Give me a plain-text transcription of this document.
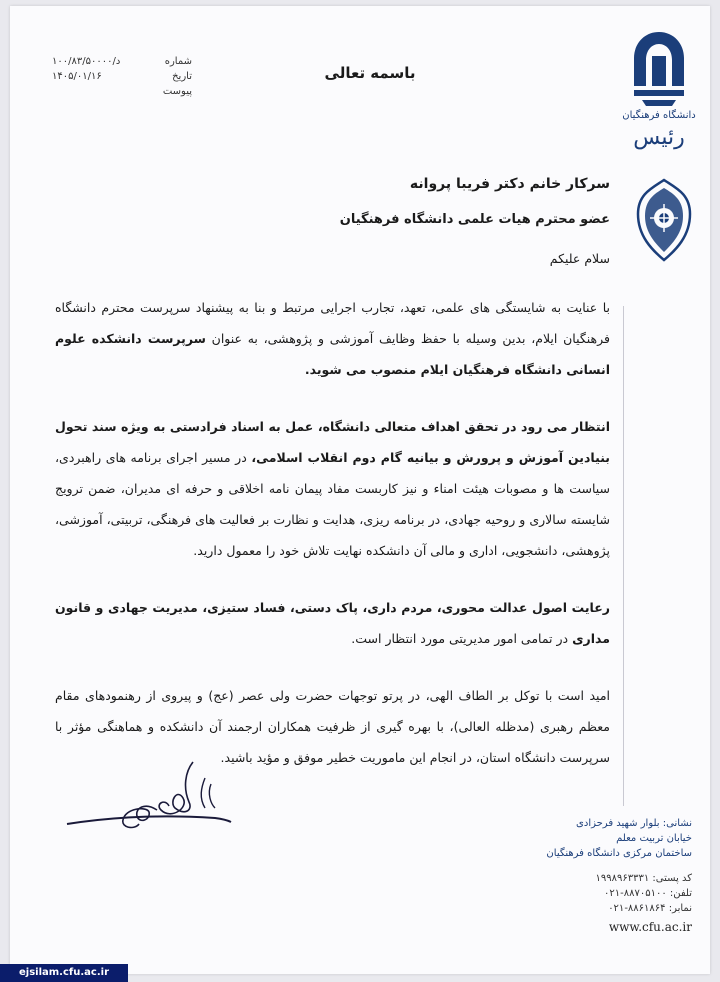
دانشگاه فرهنگیان
رئیس
شماره
۱۰۰/۸۳/۵۰۰۰۰/د
تاریخ
۱۴۰۵/۰۱/۱۶
پیوست
باسمه تعالی

سرکار خانم دکتر فریبا پروانه

عضو محترم هیات علمی دانشگاه فرهنگیان

سلام علیکم

با عنایت به شایستگی های علمی، تعهد، تجارب اجرایی مرتبط و بنا به پیشنهاد سرپرست محترم دانشگاه فرهنگیان ایلام، بدین وسیله با حفظ وظایف آموزشی و پژوهشی، به عنوان سرپرست دانشکده علوم انسانی دانشگاه فرهنگیان ایلام منصوب می شوید.

انتظار می رود در تحقق اهداف متعالی دانشگاه، عمل به اسناد فرادستی به ویژه سند تحول بنیادین آموزش و پرورش و بیانیه گام دوم انقلاب اسلامی، در مسیر اجرای برنامه های راهبردی، سیاست ها و مصوبات هیئت امناء و نیز کاربست مفاد پیمان نامه اخلاقی و حرفه ای مدیران، ضمن ترویج شایسته سالاری و روحیه جهادی، در برنامه ریزی، هدایت و نظارت بر فعالیت های فرهنگی، تربیتی، آموزشی، پژوهشی، دانشجویی، اداری و مالی آن دانشکده نهایت تلاش خود را معمول دارید.

رعایت اصول عدالت محوری، مردم داری، پاک دستی، فساد ستیزی، مدیریت جهادی و قانون مداری در تمامی امور مدیریتی مورد انتظار است.

امید است با توکل بر الطاف الهی، در پرتو توجهات حضرت ولی عصر (عج) و پیروی از رهنمودهای مقام معظم رهبری (مدظله العالی)، با بهره گیری از ظرفیت همکاران ارجمند آن دانشکده و هماهنگی مؤثر با سرپرست دانشگاه استان، در انجام این ماموریت خطیر موفق و مؤید باشید.

نشانی: بلوار شهید فرحزادی
خیابان تربیت معلم
ساختمان مرکزی دانشگاه فرهنگیان
کد پستی: ۱۹۹۸۹۶۳۳۳۱
تلفن: ۸۸۷۰۵۱۰۰-۰۲۱
نمابر: ۸۸۶۱۸۶۴-۰۲۱
www.cfu.ac.ir
ejsilam.cfu.ac.ir
